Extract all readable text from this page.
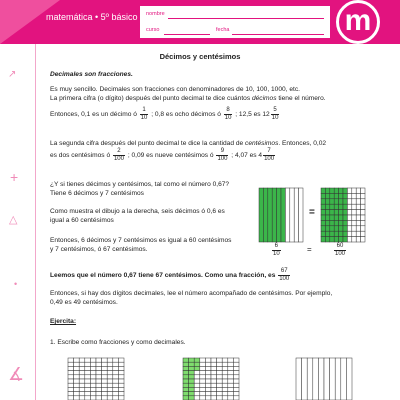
matemática • 5º básico nombre
curso	fecha	m
↗
+
△
•
∡
Décimos y centésimos
Decimales son fracciones.
Es muy sencillo. Decimales son fracciones con denominadores de 10, 100, 1000, etc.
La primera cifra (o dígito) después del punto decimal te dice cuántos décimos tiene el número.
Entonces, 0,1 es un décimo ó $\frac{1}{10}$ ; 0,8 es ocho décimos ó $\frac{8}{10}$ ; 12,5 es $12 \frac{5}{10}$
La segunda cifra después del punto decimal te dice la cantidad de centésimos. Entonces, 0,02
es dos centésimos ó $\frac{2}{100}$ ; 0,09 es nueve centésimos ó $\frac{9}{100}$ ; 4,07 es $4 \frac{7}{100}$
¿Y si tienes décimos y centésimos, tal como el número 0,67?
Tiene 6 décimos y 7 centésimos
Como muestra el dibujo a la derecha, seis décimos ó 0,6 es
igual a 60 centésimos
Entonces, 6 décimos y 7 centésimos es igual a 60 centésimos
y 7 centésimos, ó 67 centésimos.
=
$\frac{6}{10}$	=	$\frac{60}{100}$
Leemos que el número 0,67 tiene 67 centésimos. Como una fracción, es $\frac{67}{100}$
Entonces, si hay dos dígitos decimales, lee el número acompañado de centésimos. Por ejemplo,
0,49 es 49 centésimos.
Ejercita:
1. Escribe como fracciones y como decimales.
